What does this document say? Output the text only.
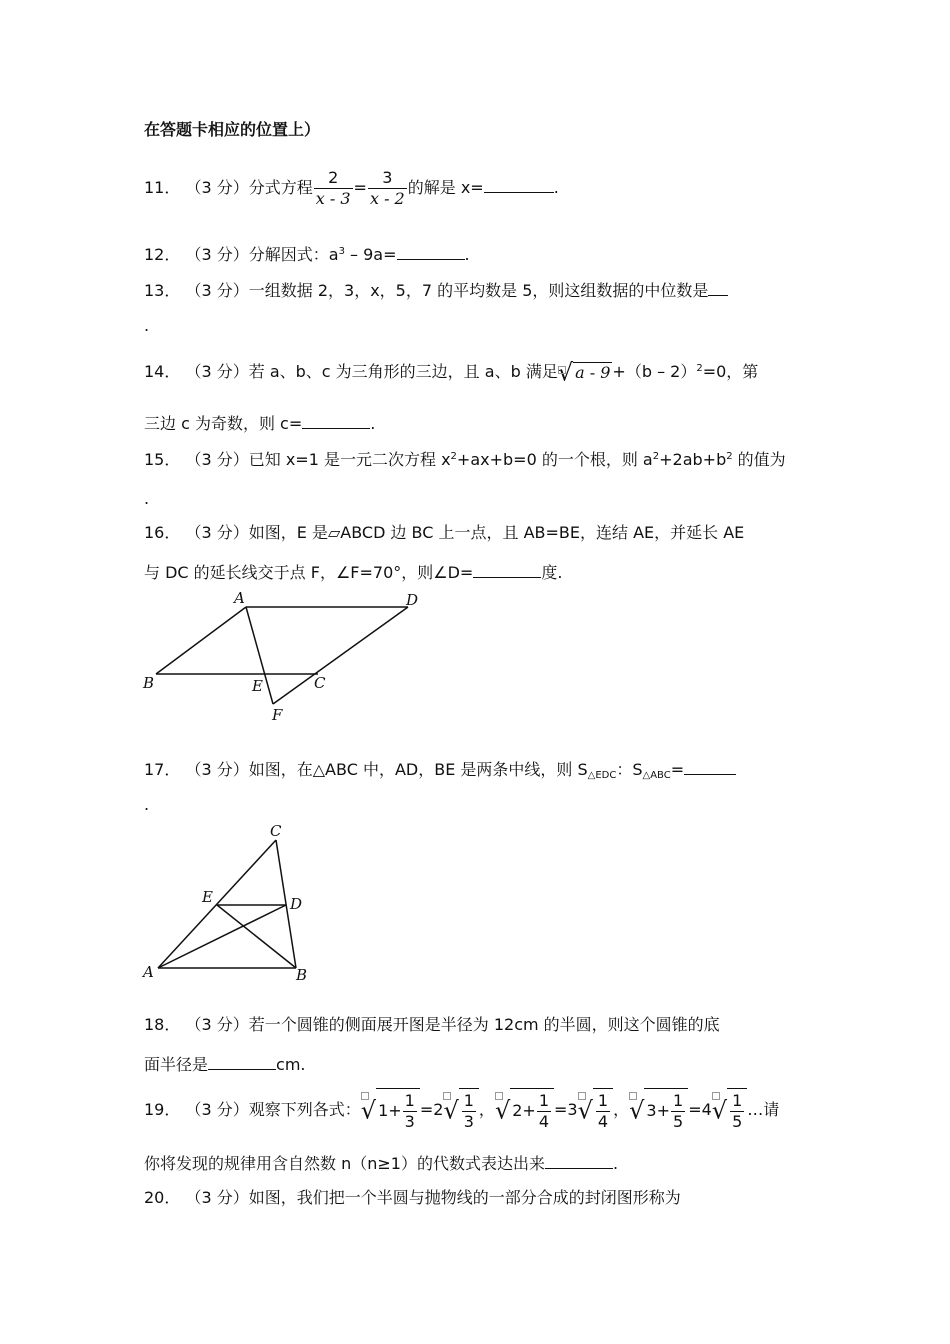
在答题卡相应的位置上）
11． （3 分）分式方程 $\frac{2}{x - 3} = \frac{3}{x - 2}$ 的解是 x=	.
12． （3 分）分解因式：$a^3 - 9a=$	.
13． （3 分）一组数据 2，3，x，5，7 的平均数是 5，则这组数据的中位数是
.
14． （3 分）若 a、b、c 为三角形的三边，且 a、b 满足
√ a - 9 +（b – 2）$^2$=0，第
三边 c 为奇数，则 c=	.
15． （3 分）已知 x=1 是一元二次方程 $x^2+ax+b=0$ 的一个根，则 $a^2+2ab+b^2$ 的值为
.
16． （3 分）如图，E 是▱ABCD 边 BC 上一点，且 AB=BE，连结 AE，并延长 AE
与 DC 的延长线交于点 F，∠F=70°，则∠D=	度.
A	D
B	E	C
F
17． （3 分）如图，在△ABC 中，AD，BE 是两条中线，则 $S_{\triangle EDC}$：$S_{\triangle ABC}=$
.
C
E	D
A	B
18． （3 分）若一个圆锥的侧面展开图是半径为 12cm 的半圆，则这个圆锥的底
面半径是	cm.
19． （3 分）观察下列各式：
√ $1+ \frac{1}{3} =2$
√ $\frac{1}{3}$ ，
√ $2+ \frac{1}{4} =3$
√ $\frac{1}{4}$ ，
√ $3+ \frac{1}{5} =4$
√ $\frac{1}{5}$ …请
你将发现的规律用含自然数 n（n≥1）的代数式表达出来	.
20． （3 分）如图，我们把一个半圆与抛物线的一部分合成的封闭图形称为
